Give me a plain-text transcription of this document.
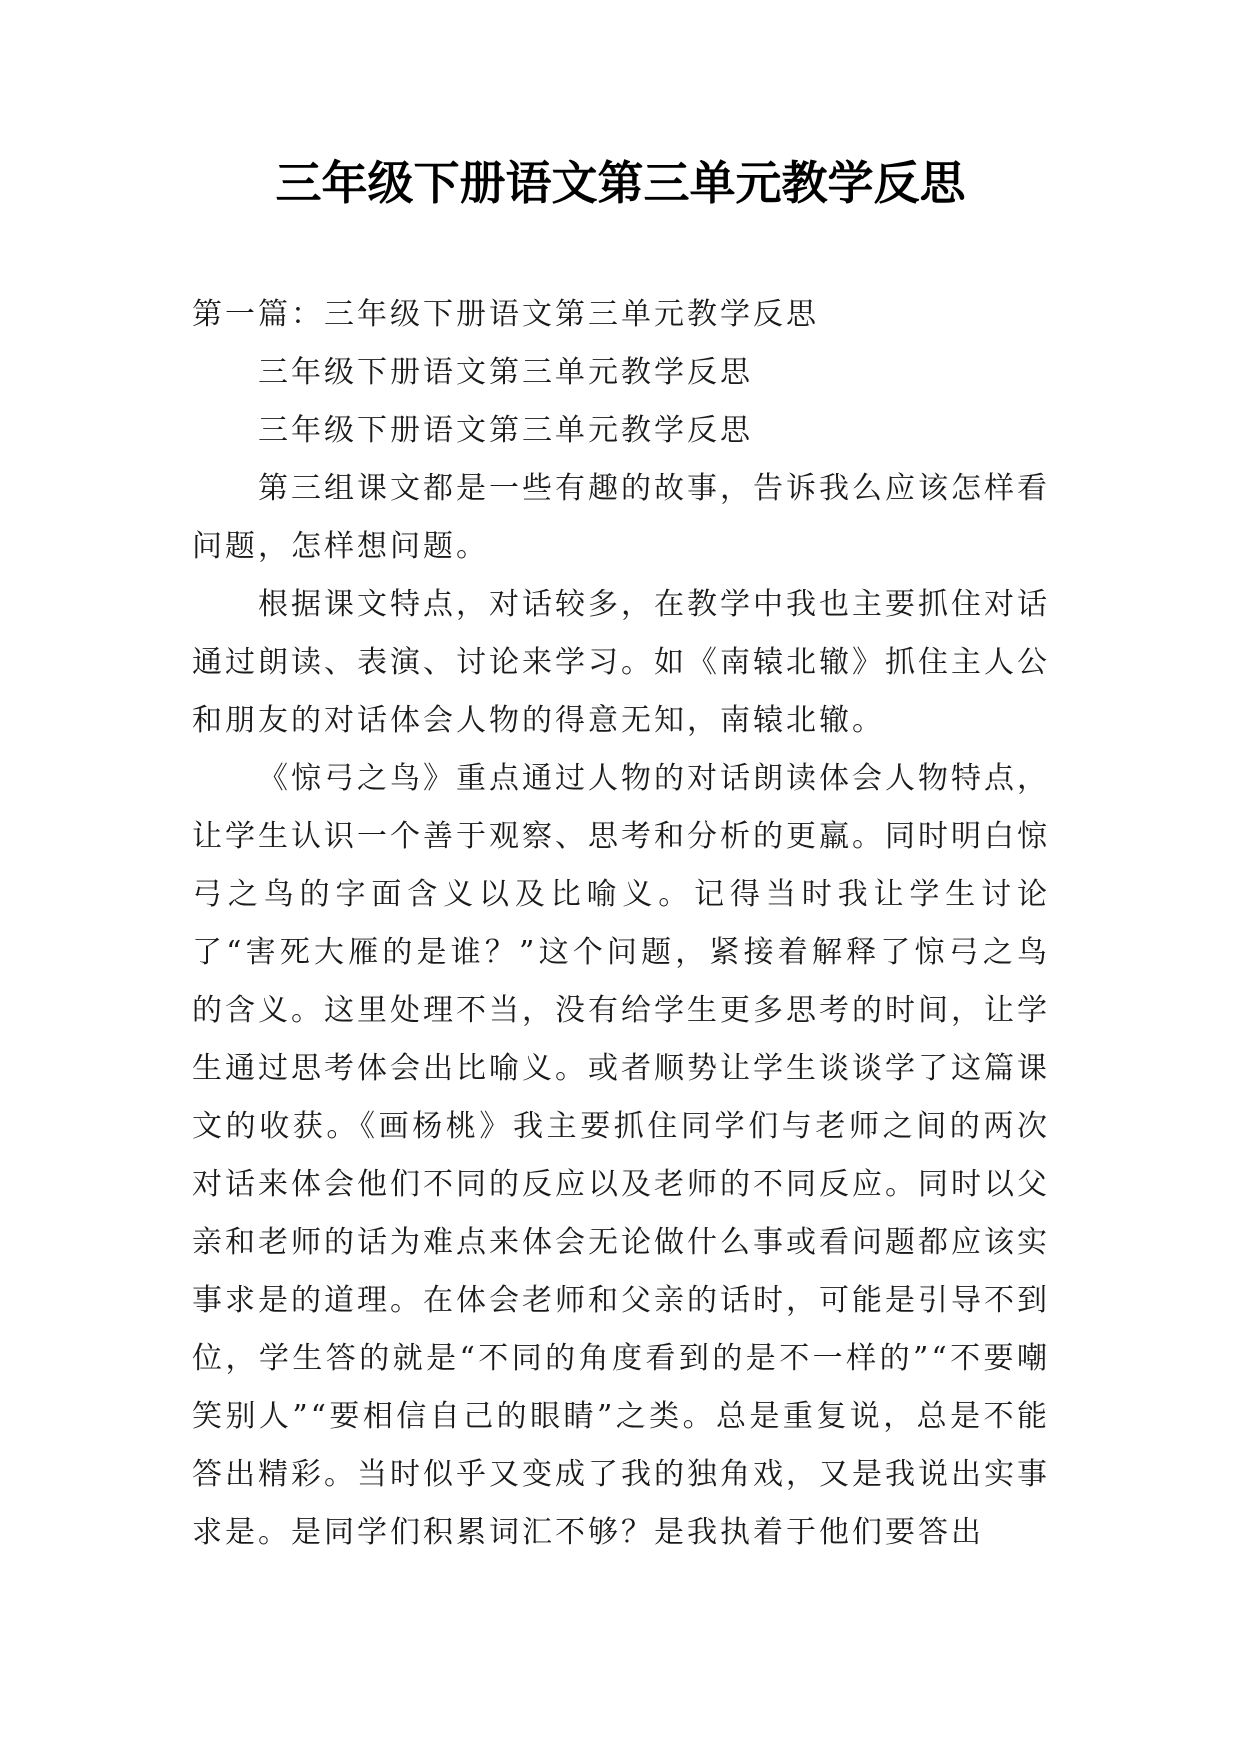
三年级下册语文第三单元教学反思

第一篇：三年级下册语文第三单元教学反思

三年级下册语文第三单元教学反思

三年级下册语文第三单元教学反思

第三组课文都是一些有趣的故事，告诉我么应该怎样看问题，怎样想问题。

根据课文特点，对话较多，在教学中我也主要抓住对话通过朗读、表演、讨论来学习。如《南辕北辙》抓住主人公和朋友的对话体会人物的得意无知，南辕北辙。

《惊弓之鸟》重点通过人物的对话朗读体会人物特点，让学生认识一个善于观察、思考和分析的更羸。同时明白惊弓之鸟的字面含义以及比喻义。记得当时我让学生讨论了“害死大雁的是谁？”这个问题，紧接着解释了惊弓之鸟的含义。这里处理不当，没有给学生更多思考的时间，让学生通过思考体会出比喻义。或者顺势让学生谈谈学了这篇课文的收获。《画杨桃》我主要抓住同学们与老师之间的两次对话来体会他们不同的反应以及老师的不同反应。同时以父亲和老师的话为难点来体会无论做什么事或看问题都应该实事求是的道理。在体会老师和父亲的话时，可能是引导不到位，学生答的就是“不同的角度看到的是不一样的”“不要嘲笑别人”“要相信自己的眼睛”之类。总是重复说，总是不能答出精彩。当时似乎又变成了我的独角戏，又是我说出实事求是。是同学们积累词汇不够？是我执着于他们要答出
